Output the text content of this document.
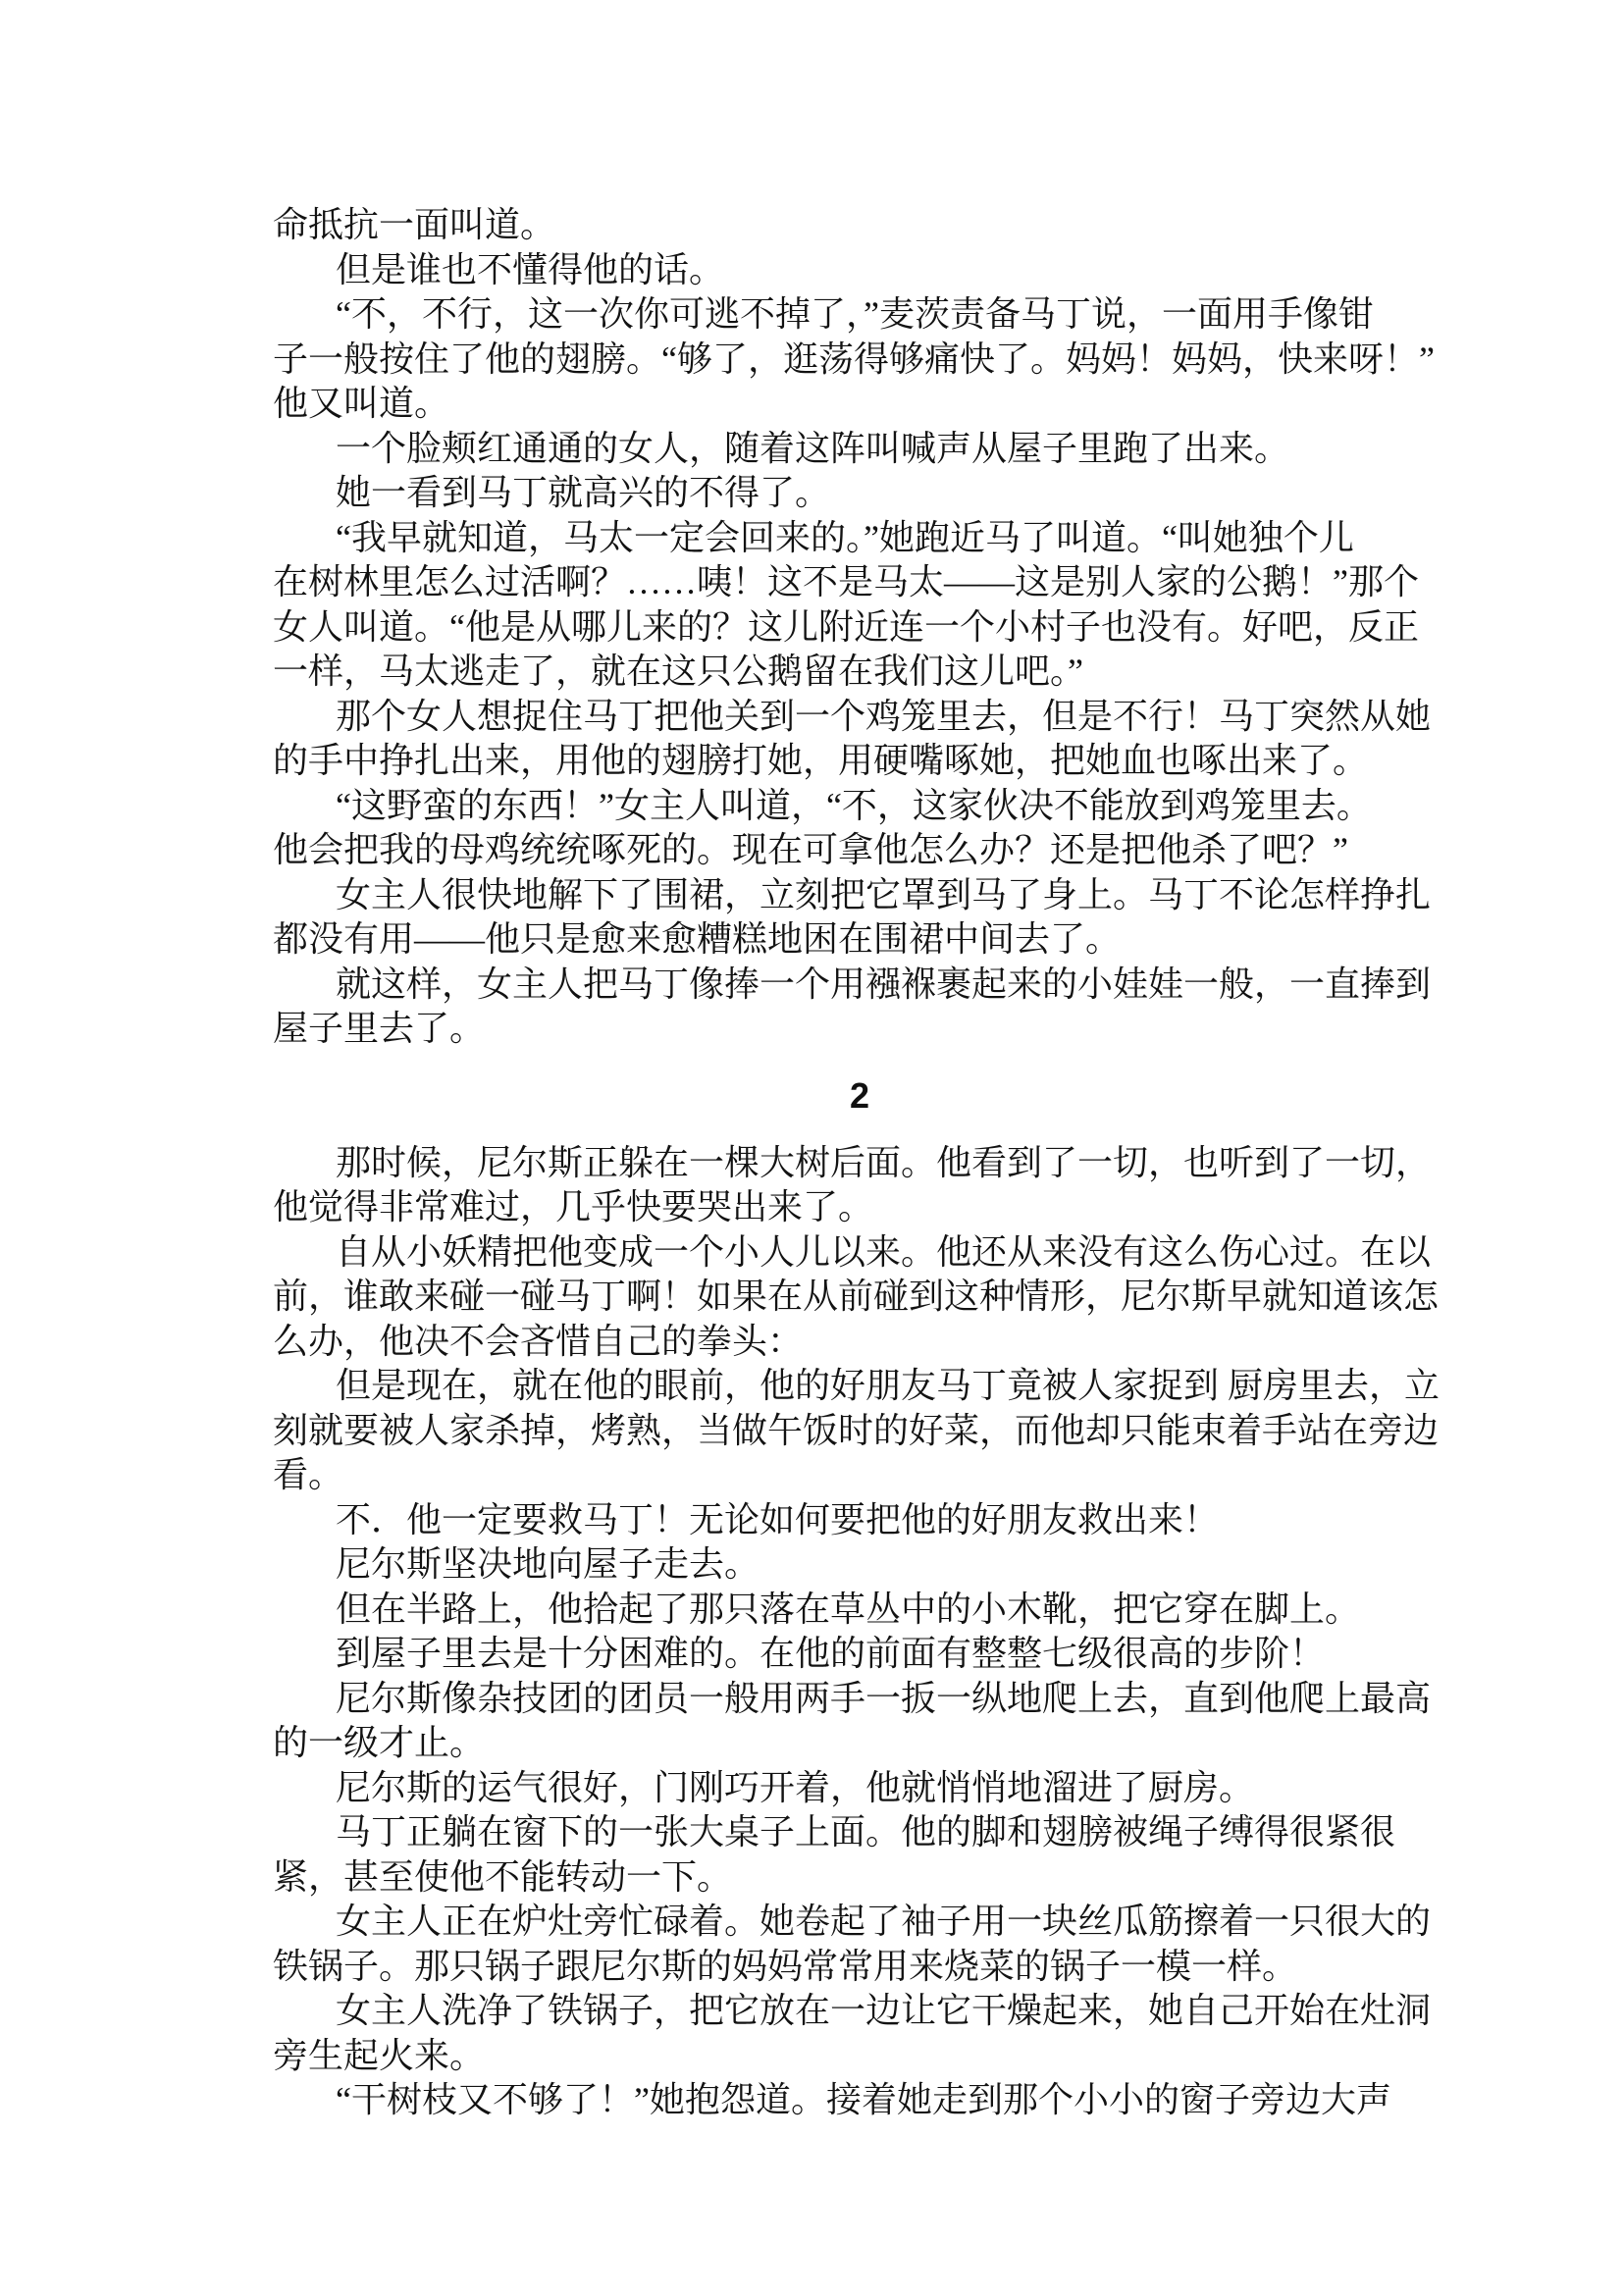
命抵抗一面叫道。
但是谁也不懂得他的话。
“不，不行，这一次你可逃不掉了，”麦茨责备马丁说，一面用手像钳
子一般按住了他的翅膀。“够了，逛荡得够痛快了。妈妈！妈妈，快来呀！”
他又叫道。
一个脸颊红通通的女人，随着这阵叫喊声从屋子里跑了出来。
她一看到马丁就高兴的不得了。
“我早就知道，马太一定会回来的。”她跑近马了叫道。“叫她独个儿
在树林里怎么过活啊？……咦！这不是马太——这是别人家的公鹅！”那个
女人叫道。“他是从哪儿来的？这儿附近连一个小村子也没有。好吧，反正
一样，马太逃走了，就在这只公鹅留在我们这儿吧。”
那个女人想捉住马丁把他关到一个鸡笼里去，但是不行！马丁突然从她
的手中挣扎出来，用他的翅膀打她，用硬嘴啄她，把她血也啄出来了。
“这野蛮的东西！”女主人叫道，“不，这家伙决不能放到鸡笼里去。
他会把我的母鸡统统啄死的。现在可拿他怎么办？还是把他杀了吧？”
女主人很快地解下了围裙，立刻把它罩到马了身上。马丁不论怎样挣扎
都没有用——他只是愈来愈糟糕地困在围裙中间去了。
就这样，女主人把马丁像捧一个用襁褓裹起来的小娃娃一般，一直捧到
屋子里去了。
2
那时候，尼尔斯正躲在一棵大树后面。他看到了一切，也听到了一切，
他觉得非常难过，几乎快要哭出来了。
自从小妖精把他变成一个小人儿以来。他还从来没有这么伤心过。在以
前，谁敢来碰一碰马丁啊！如果在从前碰到这种情形，尼尔斯早就知道该怎
么办，他决不会吝惜自己的拳头：
但是现在，就在他的眼前，他的好朋友马丁竟被人家捉到 厨房里去，立
刻就要被人家杀掉，烤熟，当做午饭时的好菜，而他却只能束着手站在旁边
看。
不．他一定要救马丁！无论如何要把他的好朋友救出来！
尼尔斯坚决地向屋子走去。
但在半路上，他拾起了那只落在草丛中的小木靴，把它穿在脚上。
到屋子里去是十分困难的。在他的前面有整整七级很高的步阶！
尼尔斯像杂技团的团员一般用两手一扳一纵地爬上去，直到他爬上最高
的一级才止。
尼尔斯的运气很好，门刚巧开着，他就悄悄地溜进了厨房。
马丁正躺在窗下的一张大桌子上面。他的脚和翅膀被绳子缚得很紧很
紧，甚至使他不能转动一下。
女主人正在炉灶旁忙碌着。她卷起了袖子用一块丝瓜筋擦着一只很大的
铁锅子。那只锅子跟尼尔斯的妈妈常常用来烧菜的锅子一模一样。
女主人洗净了铁锅子，把它放在一边让它干燥起来，她自己开始在灶洞
旁生起火来。
“干树枝又不够了！”她抱怨道。接着她走到那个小小的窗子旁边大声
